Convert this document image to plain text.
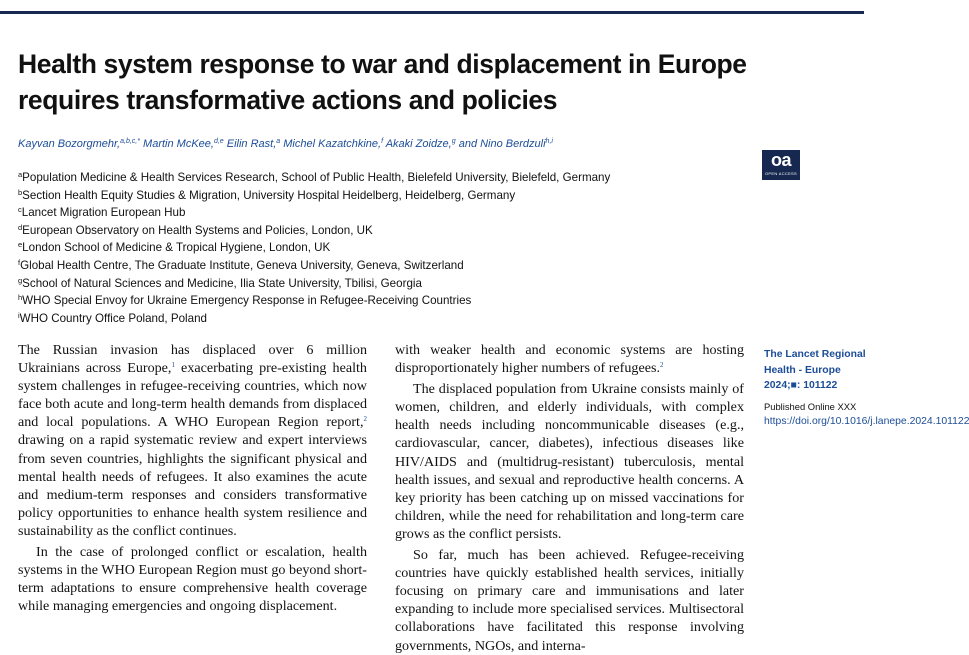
Health system response to war and displacement in Europe requires transformative actions and policies
Kayvan Bozorgmehr,$^{a,b,c,*}$ Martin McKee,$^{d,e}$ Eilin Rast,$^a$ Michel Kazatchkine,$^f$ Akaki Zoidze,$^g$ and Nino Berdzuli$^{h,i}$
oa
OPEN ACCESS
$^a$Population Medicine & Health Services Research, School of Public Health, Bielefeld University, Bielefeld, Germany
$^b$Section Health Equity Studies & Migration, University Hospital Heidelberg, Heidelberg, Germany
$^c$Lancet Migration European Hub
$^d$European Observatory on Health Systems and Policies, London, UK
$^e$London School of Medicine & Tropical Hygiene, London, UK
$^f$Global Health Centre, The Graduate Institute, Geneva University, Geneva, Switzerland
$^g$School of Natural Sciences and Medicine, Ilia State University, Tbilisi, Georgia
$^h$WHO Special Envoy for Ukraine Emergency Response in Refugee-Receiving Countries
$^i$WHO Country Office Poland, Poland

The Russian invasion has displaced over 6 million Ukrainians across Europe,$^1$ exacerbating pre-existing health system challenges in refugee-receiving countries, which now face both acute and long-term health demands from displaced and local populations. A WHO European Region report,$^2$ drawing on a rapid systematic review and expert interviews from seven countries, highlights the significant physical and mental health needs of refugees. It also examines the acute and medium-term responses and considers transformative policy opportunities to enhance health system resilience and sustainability as the conflict continues.

In the case of prolonged conflict or escalation, health systems in the WHO European Region must go beyond short-term adaptations to ensure comprehensive health coverage while managing emergencies and ongoing displacement.

with weaker health and economic systems are hosting disproportionately higher numbers of refugees.$^2$

The displaced population from Ukraine consists mainly of women, children, and elderly individuals, with complex health needs including noncommunicable diseases (e.g., cardiovascular, cancer, diabetes), infectious diseases like HIV/AIDS and (multidrug-resistant) tuberculosis, mental health issues, and sexual and reproductive health concerns. A key priority has been catching up on missed vaccinations for children, while the need for rehabilitation and long-term care grows as the conflict persists.

So far, much has been achieved. Refugee-receiving countries have quickly established health services, initially focusing on primary care and immunisations and later expanding to include more specialised services. Multisectoral collaborations have facilitated this response involving governments, NGOs, and interna-

The Lancet Regional Health - Europe 2024;■: 101122

Published Online XXX

https://doi.org/10.1016/j.lanepe.2024.101122
